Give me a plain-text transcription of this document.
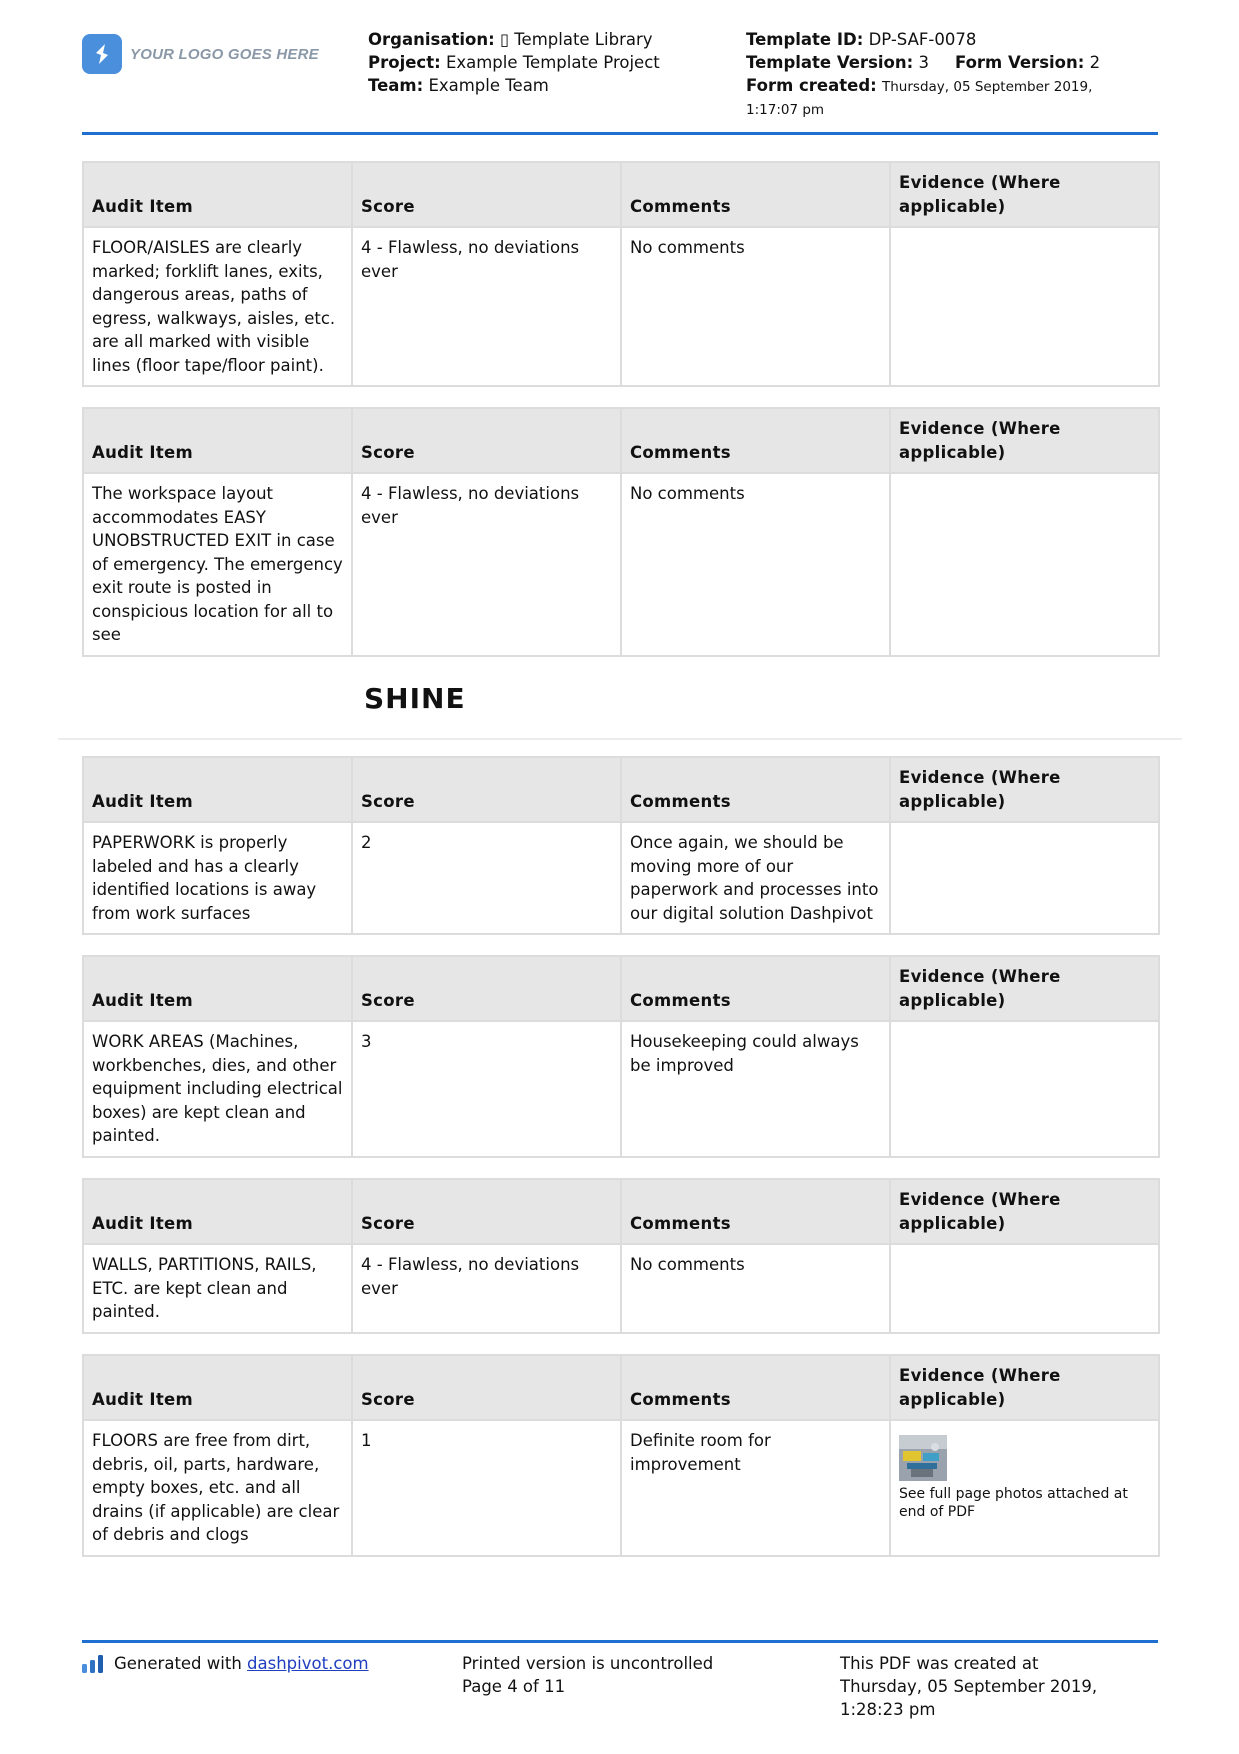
YOUR LOGO GOES HERE
Organisation: ▯ Template Library
Project: Example Template Project
Team: Example Team
Template ID: DP-SAF-0078
Template Version: 3 Form Version: 2
Form created: Thursday, 05 September 2019,
1:17:07 pm
Audit Item	Score	Comments	Evidence (Where applicable)
FLOOR/AISLES are clearly marked; forklift lanes, exits, dangerous areas, paths of egress, walkways, aisles, etc. are all marked with visible lines (floor tape/floor paint).	4 - Flawless, no deviations ever	No comments	
Audit Item	Score	Comments	Evidence (Where applicable)
The workspace layout accommodates EASY UNOBSTRUCTED EXIT in case of emergency. The emergency exit route is posted in conspicious location for all to see	4 - Flawless, no deviations ever	No comments	
SHINE
Audit Item	Score	Comments	Evidence (Where applicable)
PAPERWORK is properly labeled and has a clearly identified locations is away from work surfaces	2	Once again, we should be moving more of our paperwork and processes into our digital solution Dashpivot	
Audit Item	Score	Comments	Evidence (Where applicable)
WORK AREAS (Machines, workbenches, dies, and other equipment including electrical boxes) are kept clean and painted.	3	Housekeeping could always be improved	
Audit Item	Score	Comments	Evidence (Where applicable)
WALLS, PARTITIONS, RAILS, ETC. are kept clean and painted.	4 - Flawless, no deviations ever	No comments	
Audit Item	Score	Comments	Evidence (Where applicable)
FLOORS are free from dirt, debris, oil, parts, hardware, empty boxes, etc. and all drains (if applicable) are clear of debris and clogs	1	Definite room for improvement	See full page photos attached at end of PDF
Generated with
dashpivot.com	Printed version is uncontrolled
Page 4 of 11
This PDF was created at
Thursday, 05 September 2019,
1:28:23 pm
